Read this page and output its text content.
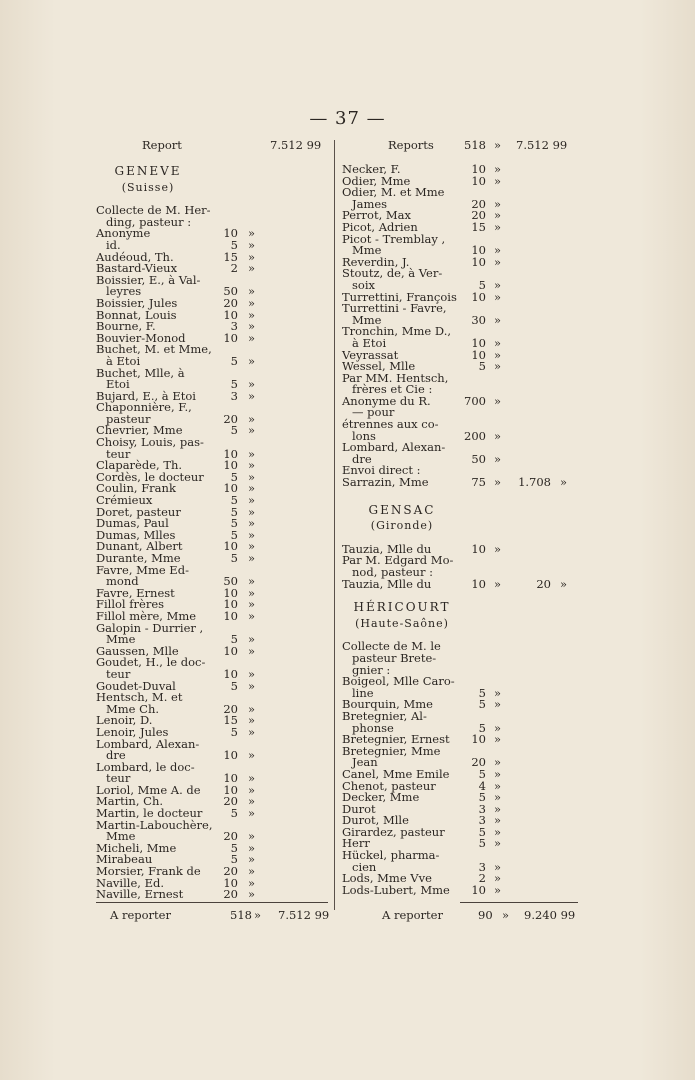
— 37 —
Report	7.512 99
GENEVE
(Suisse)
Collecte de M. Her-
ding, pasteur :
Anonyme	10 »
id.	5 »
Audéoud, Th.	15 »
Bastard-Vieux	2 »
Boissier, E., à Val-
leyres	50 »
Boissier, Jules	20 »
Bonnat, Louis	10 »
Bourne, F.	3 »
Bouvier-Monod	10 »
Buchet, M. et Mme,
à Etoi	5 »
Buchet, Mlle, à
Etoi	5 »
Bujard, E., à Etoi	3 »
Chaponnière, F.,
pasteur	20 »
Chevrier, Mme	5 »
Choisy, Louis, pas-
teur	10 »
Claparède, Th.	10 »
Cordès, le docteur	5 »
Coulin, Frank	10 »
Crémieux	5 »
Doret, pasteur	5 »
Dumas, Paul	5 »
Dumas, Mlles	5 »
Dunant, Albert	10 »
Durante, Mme	5 »
Favre, Mme Ed-
mond	50 »
Favre, Ernest	10 »
Fillol frères	10 »
Fillol mère, Mme	10 »
Galopin - Durrier ,
Mme	5 »
Gaussen, Mlle	10 »
Goudet, H., le doc-
teur	10 »
Goudet-Duval	5 »
Hentsch, M. et
Mme Ch.	20 »
Lenoir, D.	15 »
Lenoir, Jules	5 »
Lombard, Alexan-
dre	10 »
Lombard, le doc-
teur	10 »
Loriol, Mme A. de	10 »
Martin, Ch.	20 »
Martin, le docteur	5 »
Martin-Labouchère,
Mme	20 »
Micheli, Mme	5 »
Mirabeau	5 »
Morsier, Frank de	20 »
Naville, Ed.	10 »
Naville, Ernest	20 »
Reports	518 » 7.512 99
Necker, F.	10 »
Odier, Mme	10 »
Odier, M. et Mme
James	20 »
Perrot, Max	20 »
Picot, Adrien	15 »
Picot - Tremblay ,
Mme	10 »
Reverdin, J.	10 »
Stoutz, de, à Ver-
soix	5 »
Turrettini, François	10 »
Turrettini - Favre,
Mme	30 »
Tronchin, Mme D.,
à Etoi	10 »
Veyrassat	10 »
Wessel, Mlle	5 »
Par MM. Hentsch,
frères et Cie :
Anonyme du R.	700 »
— pour
étrennes aux co-
lons	200 »
Lombard, Alexan-
dre	50 »
Envoi direct :
Sarrazin, Mme	75 »	1.708 »
GENSAC
(Gironde)
Tauzia, Mlle du	10 »
Par M. Edgard Mo-
nod, pasteur :
Tauzia, Mlle du	10 »	20 »
HÉRICOURT
(Haute-Saône)
Collecte de M. le
pasteur Brete-
gnier :
Boigeol, Mlle Caro-
line	5 »
Bourquin, Mme	5 »
Bretegnier, Al-
phonse	5 »
Bretegnier, Ernest	10 »
Bretegnier, Mme
Jean	20 »
Canel, Mme Emile	5 »
Chenot, pasteur	4 »
Decker, Mme	5 »
Durot	3 »
Durot, Mlle	3 »
Girardez, pasteur	5 »
Herr	5 »
Hückel, pharma-
cien	3 »
Lods, Mme Vve	2 »
Lods-Lubert, Mme	10 »
A reporter	518 » 7.512 99	A reporter	90 » 9.240 99
